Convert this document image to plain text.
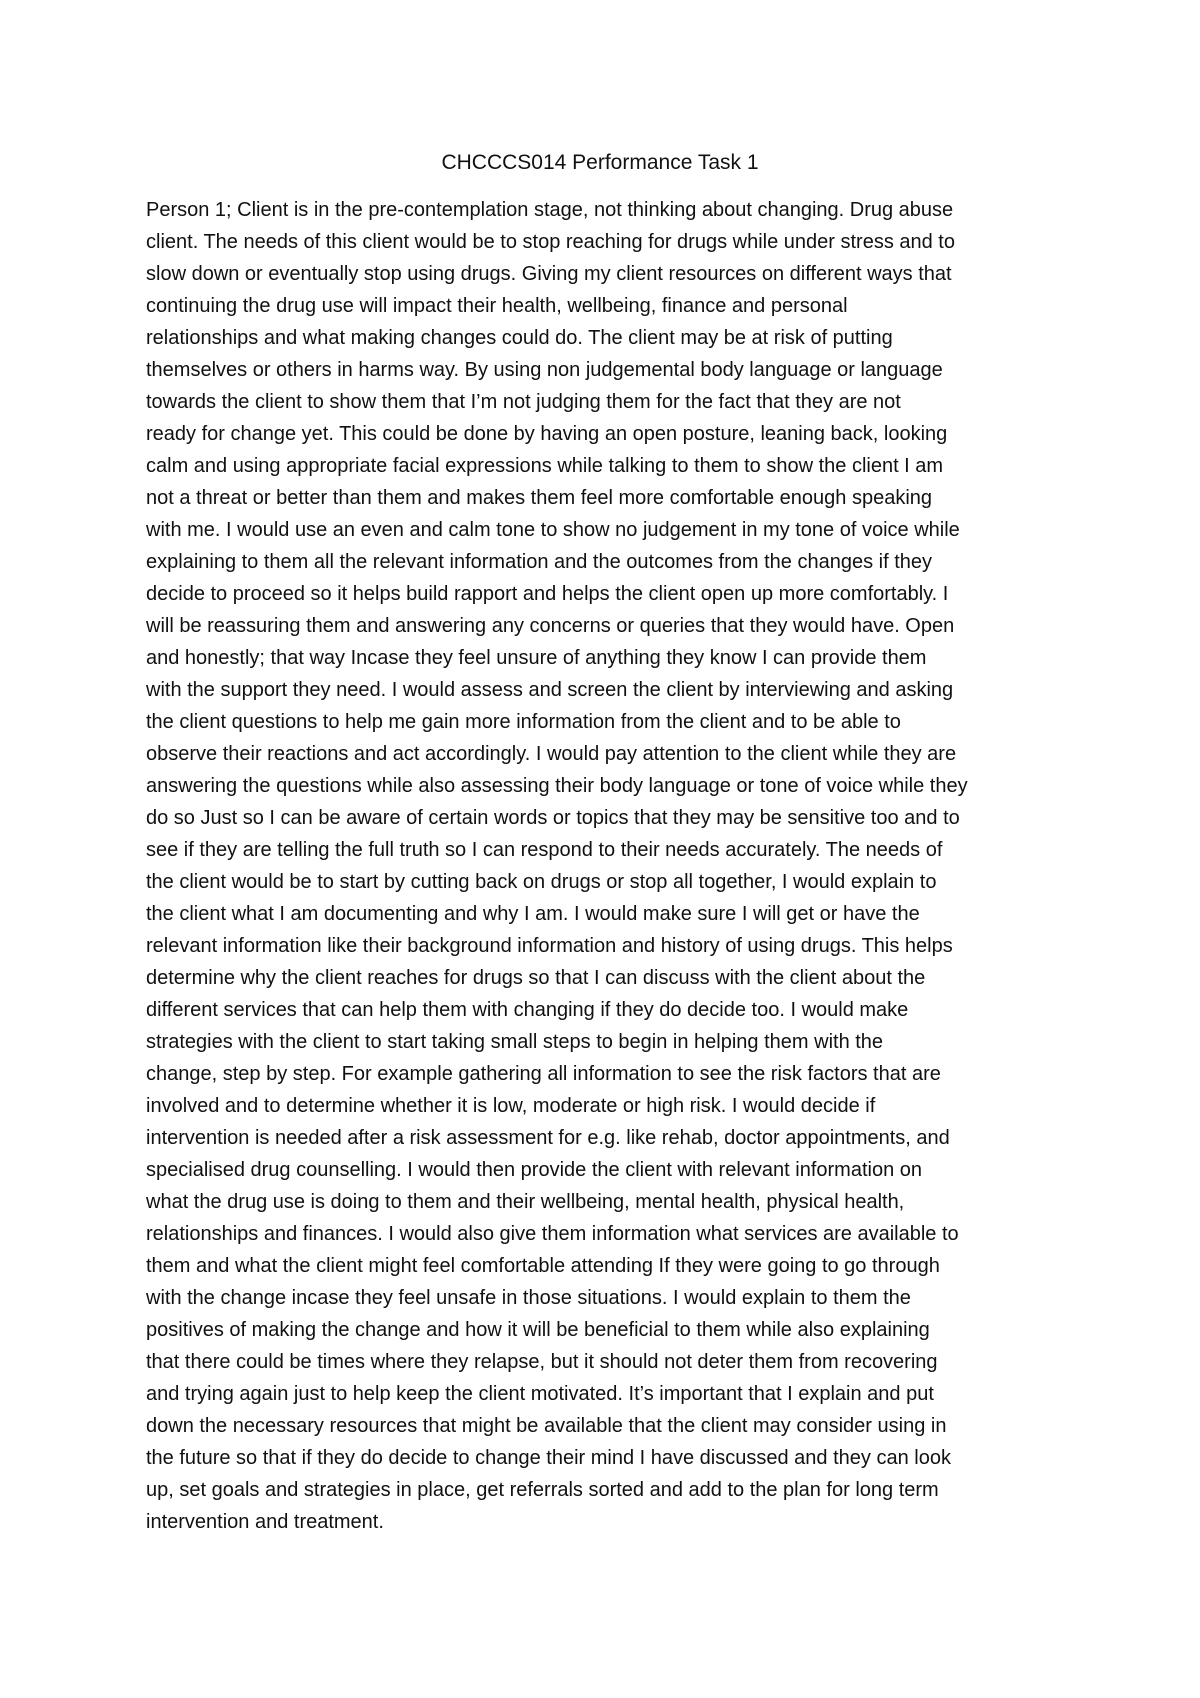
CHCCCS014 Performance Task 1

Person 1; Client is in the pre-contemplation stage, not thinking about changing. Drug abuse
client. The needs of this client would be to stop reaching for drugs while under stress and to
slow down or eventually stop using drugs. Giving my client resources on different ways that
continuing the drug use will impact their health, wellbeing, finance and personal
relationships and what making changes could do. The client may be at risk of putting
themselves or others in harms way. By using non judgemental body language or language
towards the client to show them that I’m not judging them for the fact that they are not
ready for change yet. This could be done by having an open posture, leaning back, looking
calm and using appropriate facial expressions while talking to them to show the client I am
not a threat or better than them and makes them feel more comfortable enough speaking
with me. I would use an even and calm tone to show no judgement in my tone of voice while
explaining to them all the relevant information and the outcomes from the changes if they
decide to proceed so it helps build rapport and helps the client open up more comfortably. I
will be reassuring them and answering any concerns or queries that they would have. Open
and honestly; that way Incase they feel unsure of anything they know I can provide them
with the support they need. I would assess and screen the client by interviewing and asking
the client questions to help me gain more information from the client and to be able to
observe their reactions and act accordingly. I would pay attention to the client while they are
answering the questions while also assessing their body language or tone of voice while they
do so Just so I can be aware of certain words or topics that they may be sensitive too and to
see if they are telling the full truth so I can respond to their needs accurately. The needs of
the client would be to start by cutting back on drugs or stop all together, I would explain to
the client what I am documenting and why I am. I would make sure I will get or have the
relevant information like their background information and history of using drugs. This helps
determine why the client reaches for drugs so that I can discuss with the client about the
different services that can help them with changing if they do decide too. I would make
strategies with the client to start taking small steps to begin in helping them with the
change, step by step. For example gathering all information to see the risk factors that are
involved and to determine whether it is low, moderate or high risk. I would decide if
intervention is needed after a risk assessment for e.g. like rehab, doctor appointments, and
specialised drug counselling. I would then provide the client with relevant information on
what the drug use is doing to them and their wellbeing, mental health, physical health,
relationships and finances. I would also give them information what services are available to
them and what the client might feel comfortable attending If they were going to go through
with the change incase they feel unsafe in those situations. I would explain to them the
positives of making the change and how it will be beneficial to them while also explaining
that there could be times where they relapse, but it should not deter them from recovering
and trying again just to help keep the client motivated. It’s important that I explain and put
down the necessary resources that might be available that the client may consider using in
the future so that if they do decide to change their mind I have discussed and they can look
up, set goals and strategies in place, get referrals sorted and add to the plan for long term
intervention and treatment.
